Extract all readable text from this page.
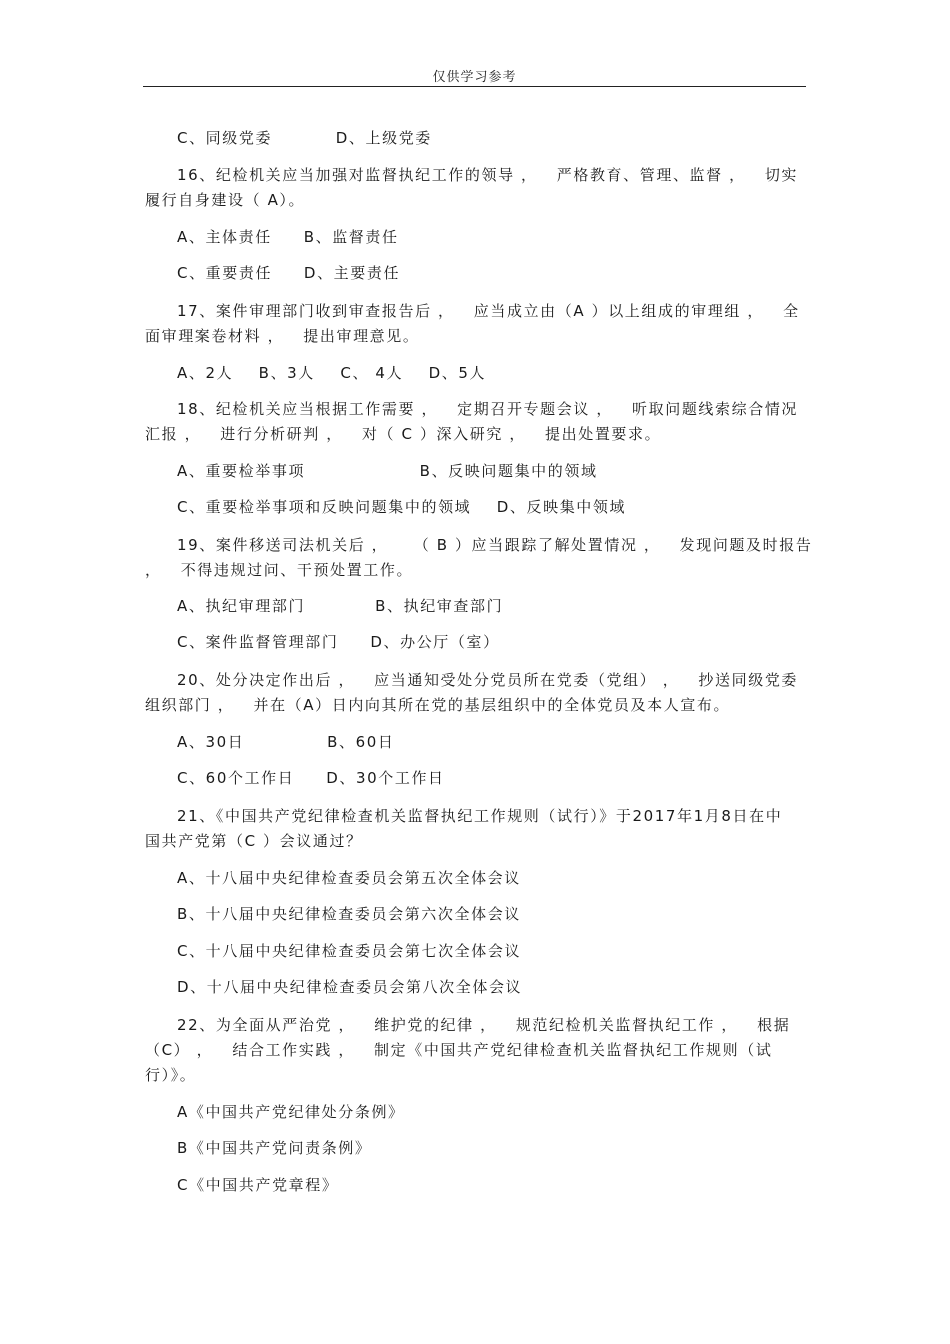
仅供学习参考
C、同级党委          D、上级党委
16、纪检机关应当加强对监督执纪工作的领导 ，   严格教育、管理、监督 ，   切实
履行自身建设（ A）。
A、主体责任     B、监督责任
C、重要责任     D、主要责任
17、案件审理部门收到审查报告后 ，   应当成立由（A ）以上组成的审理组 ，   全
面审理案卷材料 ，   提出审理意见。
A、2人    B、3人    C、 4人    D、5人
18、纪检机关应当根据工作需要 ，   定期召开专题会议 ，   听取问题线索综合情况
汇报 ，   进行分析研判 ，   对（ C ）深入研究 ，   提出处置要求。
A、重要检举事项                  B、反映问题集中的领域
C、重要检举事项和反映问题集中的领域    D、反映集中领域
19、案件移送司法机关后 ，    （ B ）应当跟踪了解处置情况 ，   发现问题及时报告
，   不得违规过问、干预处置工作。
A、执纪审理部门           B、执纪审查部门
C、案件监督管理部门     D、办公厅（室）
20、处分决定作出后 ，   应当通知受处分党员所在党委（党组） ，   抄送同级党委
组织部门 ，   并在（A）日内向其所在党的基层组织中的全体党员及本人宣布。
A、30日             B、60日
C、60个工作日     D、30个工作日
21、《中国共产党纪律检查机关监督执纪工作规则（试行）》于2017年1月8日在中
国共产党第（C ）会议通过？
A、十八届中央纪律检查委员会第五次全体会议
B、十八届中央纪律检查委员会第六次全体会议
C、十八届中央纪律检查委员会第七次全体会议
D、十八届中央纪律检查委员会第八次全体会议
22、为全面从严治党 ，   维护党的纪律 ，   规范纪检机关监督执纪工作 ，   根据
（C） ，   结合工作实践 ，   制定《中国共产党纪律检查机关监督执纪工作规则（试
行）》。
A《中国共产党纪律处分条例》
B《中国共产党问责条例》
C《中国共产党章程》
